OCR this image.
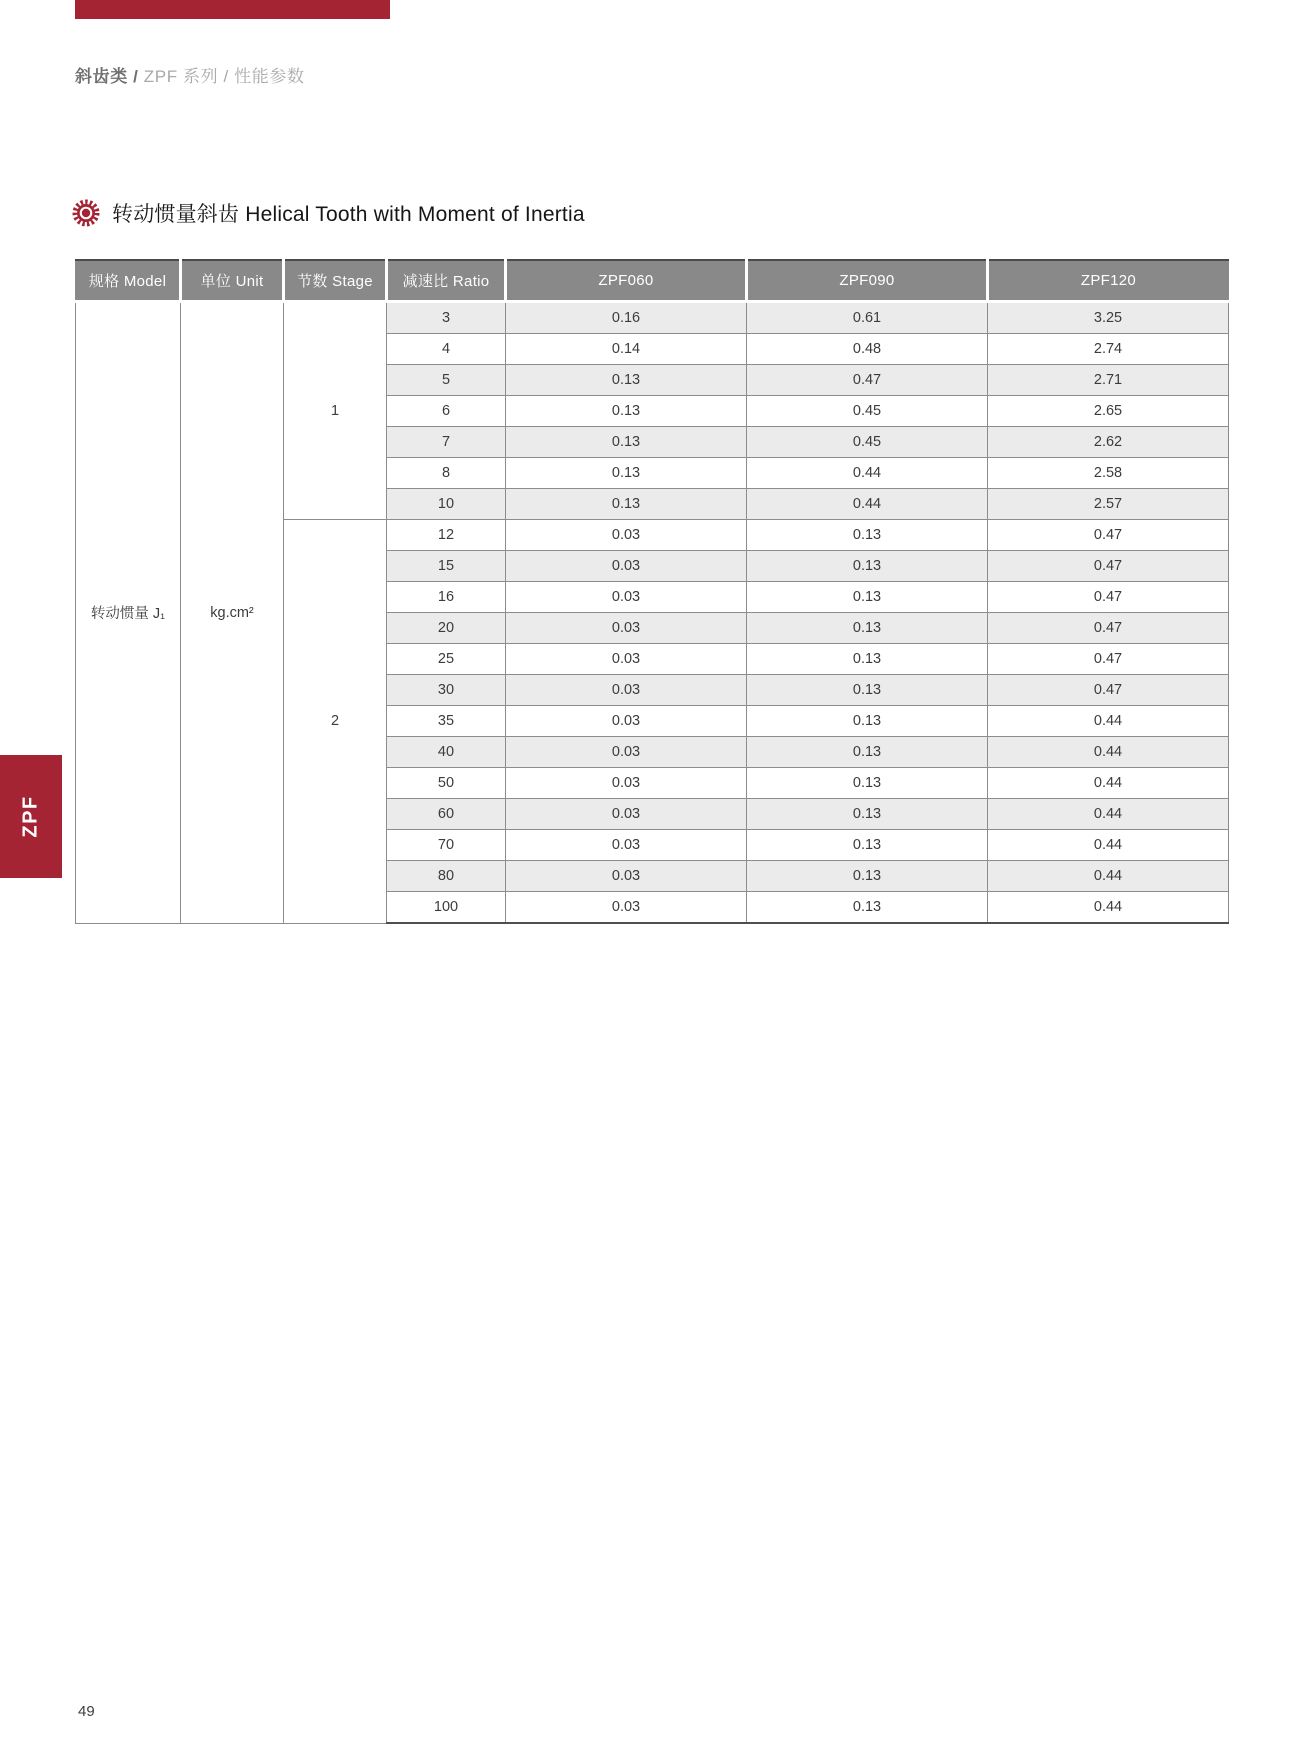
斜齿类 / ZPF 系列 / 性能参数
转动惯量斜齿 Helical Tooth with Moment of Inertia
规格 Model	单位 Unit	节数 Stage	减速比 Ratio	ZPF060	ZPF090	ZPF120
转动惯量 J₁	kg.cm²	1	3	0.16	0.61	3.25
			4	0.14	0.48	2.74
			5	0.13	0.47	2.71
			6	0.13	0.45	2.65
			7	0.13	0.45	2.62
			8	0.13	0.44	2.58
			10	0.13	0.44	2.57
		2	12	0.03	0.13	0.47
			15	0.03	0.13	0.47
			16	0.03	0.13	0.47
			20	0.03	0.13	0.47
			25	0.03	0.13	0.47
			30	0.03	0.13	0.47
			35	0.03	0.13	0.44
			40	0.03	0.13	0.44
			50	0.03	0.13	0.44
			60	0.03	0.13	0.44
			70	0.03	0.13	0.44
			80	0.03	0.13	0.44
			100	0.03	0.13	0.44
ZPF
49
